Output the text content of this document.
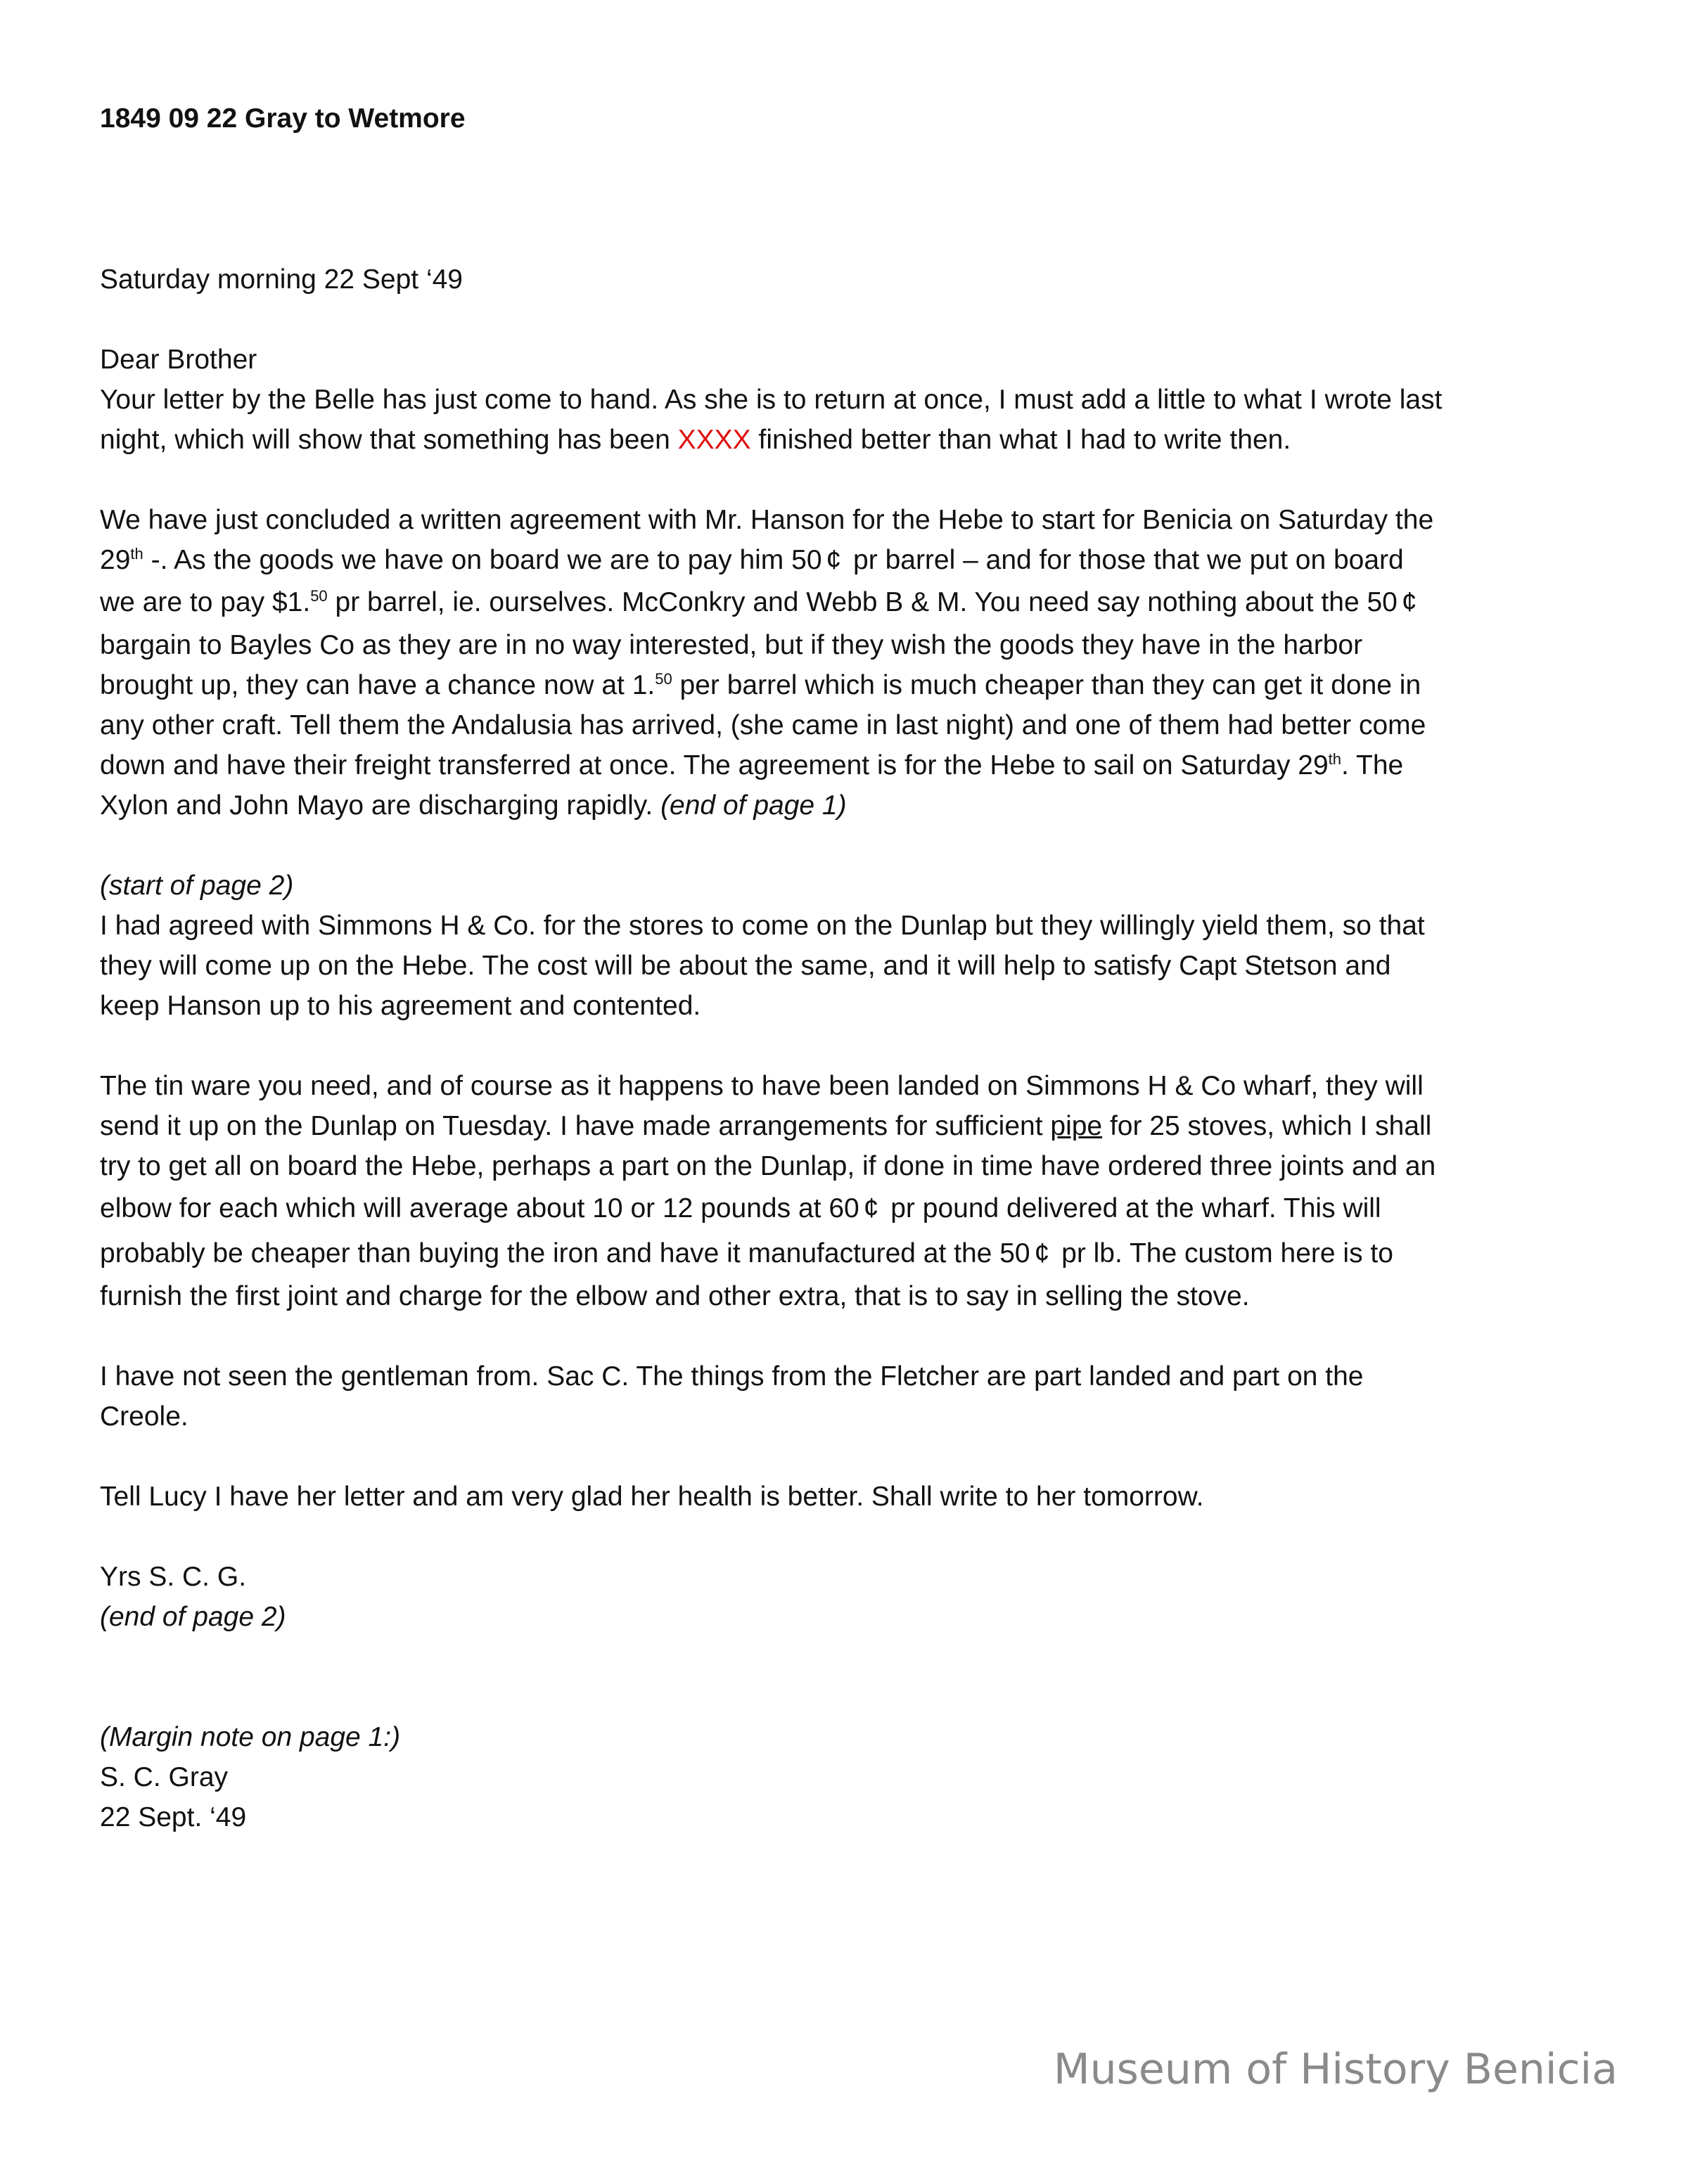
1849 09 22 Gray to Wetmore

Saturday morning 22 Sept ‘49

Dear Brother
Your letter by the Belle has just come to hand. As she is to return at once, I must add a little to what I wrote last
night, which will show that something has been XXXX finished better than what I had to write then.
We have just concluded a written agreement with Mr. Hanson for the Hebe to start for Benicia on Saturday the
29th -. As the goods we have on board we are to pay him 50 ¢ pr barrel – and for those that we put on board
we are to pay $1.50 pr barrel, ie. ourselves. McConkry and Webb B & M. You need say nothing about the 50 ¢
bargain to Bayles Co as they are in no way interested, but if they wish the goods they have in the harbor
brought up, they can have a chance now at 1.50 per barrel which is much cheaper than they can get it done in
any other craft. Tell them the Andalusia has arrived, (she came in last night) and one of them had better come
down and have their freight transferred at once. The agreement is for the Hebe to sail on Saturday 29th. The
Xylon and John Mayo are discharging rapidly. (end of page 1)
(start of page 2)
I had agreed with Simmons H & Co. for the stores to come on the Dunlap but they willingly yield them, so that
they will come up on the Hebe. The cost will be about the same, and it will help to satisfy Capt Stetson and
keep Hanson up to his agreement and contented.
The tin ware you need, and of course as it happens to have been landed on Simmons H & Co wharf, they will
send it up on the Dunlap on Tuesday. I have made arrangements for sufficient pipe for 25 stoves, which I shall
try to get all on board the Hebe, perhaps a part on the Dunlap, if done in time have ordered three joints and an
elbow for each which will average about 10 or 12 pounds at 60 ¢ pr pound delivered at the wharf. This will
probably be cheaper than buying the iron and have it manufactured at the 50 ¢ pr lb. The custom here is to
furnish the first joint and charge for the elbow and other extra, that is to say in selling the stove.
I have not seen the gentleman from. Sac C. The things from the Fletcher are part landed and part on the
Creole.

Tell Lucy I have her letter and am very glad her health is better. Shall write to her tomorrow.

Yrs S. C. G.
(end of page 2)
(Margin note on page 1:)
S. C. Gray
22 Sept. ‘49
Museum of History Benicia
